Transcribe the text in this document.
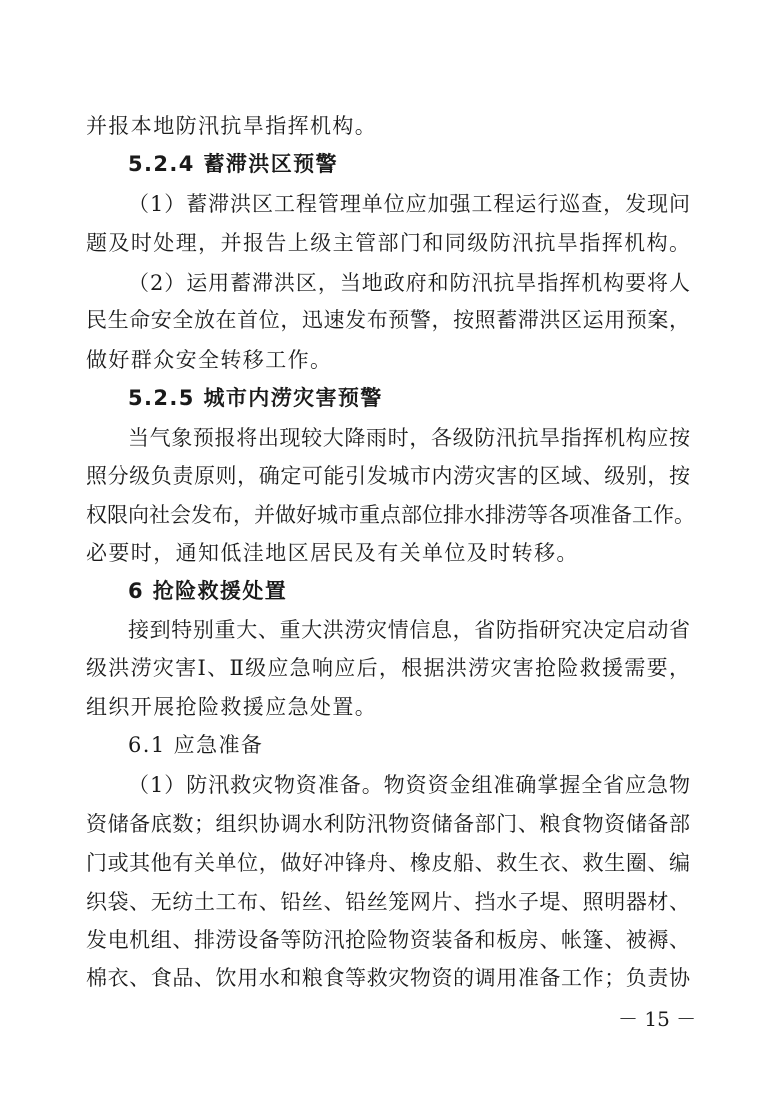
并报本地防汛抗旱指挥机构。
5.2.4 蓄滞洪区预警
（1）蓄滞洪区工程管理单位应加强工程运行巡查，发现问
题及时处理，并报告上级主管部门和同级防汛抗旱指挥机构。
（2）运用蓄滞洪区，当地政府和防汛抗旱指挥机构要将人
民生命安全放在首位，迅速发布预警，按照蓄滞洪区运用预案，
做好群众安全转移工作。
5.2.5 城市内涝灾害预警
当气象预报将出现较大降雨时，各级防汛抗旱指挥机构应按
照分级负责原则，确定可能引发城市内涝灾害的区域、级别，按
权限向社会发布，并做好城市重点部位排水排涝等各项准备工作。
必要时，通知低洼地区居民及有关单位及时转移。
6 抢险救援处置
接到特别重大、重大洪涝灾情信息，省防指研究决定启动省
级洪涝灾害Ⅰ、Ⅱ级应急响应后，根据洪涝灾害抢险救援需要，
组织开展抢险救援应急处置。
6.1 应急准备
（1）防汛救灾物资准备。物资资金组准确掌握全省应急物
资储备底数；组织协调水利防汛物资储备部门、粮食物资储备部
门或其他有关单位，做好冲锋舟、橡皮船、救生衣、救生圈、编
织袋、无纺土工布、铅丝、铅丝笼网片、挡水子堤、照明器材、
发电机组、排涝设备等防汛抢险物资装备和板房、帐篷、被褥、
棉衣、食品、饮用水和粮食等救灾物资的调用准备工作；负责协
－ 15 －
